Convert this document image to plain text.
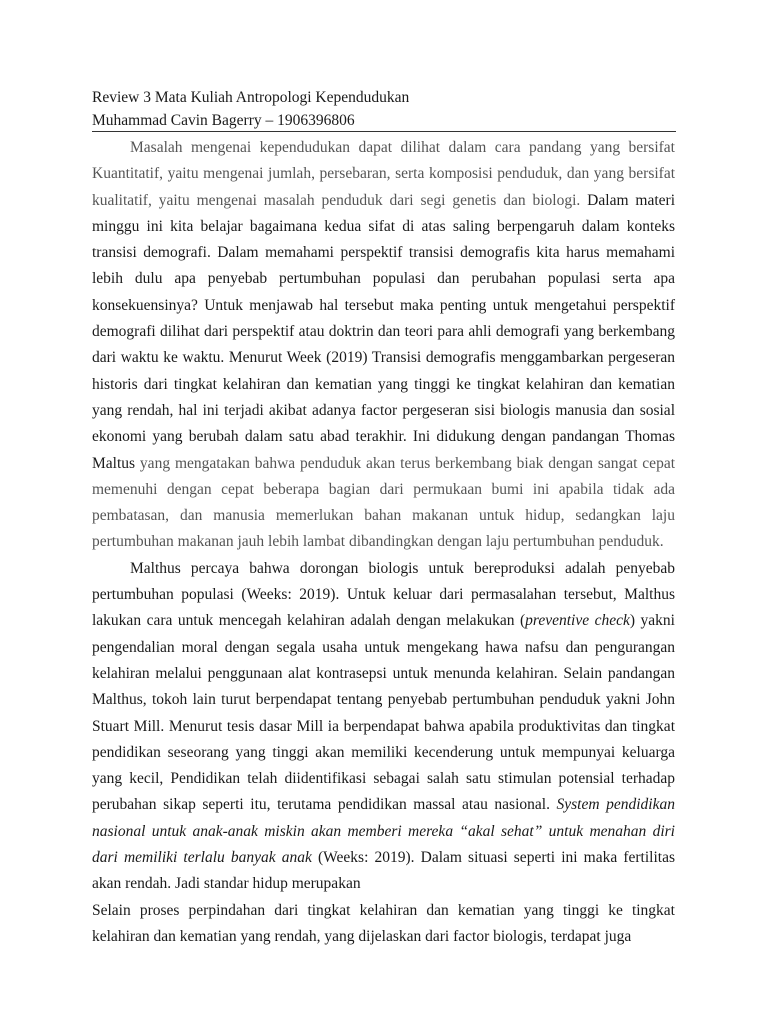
Review 3 Mata Kuliah Antropologi Kependudukan
Muhammad Cavin Bagerry – 1906396806

Masalah mengenai kependudukan dapat dilihat dalam cara pandang yang bersifat Kuantitatif, yaitu mengenai jumlah, persebaran, serta komposisi penduduk, dan yang bersifat kualitatif, yaitu mengenai masalah penduduk dari segi genetis dan biologi. Dalam materi minggu ini kita belajar bagaimana kedua sifat di atas saling berpengaruh dalam konteks transisi demografi. Dalam memahami perspektif transisi demografis kita harus memahami lebih dulu apa penyebab pertumbuhan populasi dan perubahan populasi serta apa konsekuensinya? Untuk menjawab hal tersebut maka penting untuk mengetahui perspektif demografi dilihat dari perspektif atau doktrin dan teori para ahli demografi yang berkembang dari waktu ke waktu. Menurut Week (2019) Transisi demografis menggambarkan pergeseran historis dari tingkat kelahiran dan kematian yang tinggi ke tingkat kelahiran dan kematian yang rendah, hal ini terjadi akibat adanya factor pergeseran sisi biologis manusia dan sosial ekonomi yang berubah dalam satu abad terakhir. Ini didukung dengan pandangan Thomas Maltus yang mengatakan bahwa penduduk akan terus berkembang biak dengan sangat cepat memenuhi dengan cepat beberapa bagian dari permukaan bumi ini apabila tidak ada pembatasan, dan manusia memerlukan bahan makanan untuk hidup, sedangkan laju pertumbuhan makanan jauh lebih lambat dibandingkan dengan laju pertumbuhan penduduk.

Malthus percaya bahwa dorongan biologis untuk bereproduksi adalah penyebab pertumbuhan populasi (Weeks: 2019). Untuk keluar dari permasalahan tersebut, Malthus lakukan cara untuk mencegah kelahiran adalah dengan melakukan (preventive check) yakni pengendalian moral dengan segala usaha untuk mengekang hawa nafsu dan pengurangan kelahiran melalui penggunaan alat kontrasepsi untuk menunda kelahiran. Selain pandangan Malthus, tokoh lain turut berpendapat tentang penyebab pertumbuhan penduduk yakni John Stuart Mill. Menurut tesis dasar Mill ia berpendapat bahwa apabila produktivitas dan tingkat pendidikan seseorang yang tinggi akan memiliki kecenderung untuk mempunyai keluarga yang kecil, Pendidikan telah diidentifikasi sebagai salah satu stimulan potensial terhadap perubahan sikap seperti itu, terutama pendidikan massal atau nasional. System pendidikan nasional untuk anak-anak miskin akan memberi mereka “akal sehat” untuk menahan diri dari memiliki terlalu banyak anak (Weeks: 2019). Dalam situasi seperti ini maka fertilitas akan rendah. Jadi standar hidup merupakan

Selain proses perpindahan dari tingkat kelahiran dan kematian yang tinggi ke tingkat kelahiran dan kematian yang rendah, yang dijelaskan dari factor biologis, terdapat juga
